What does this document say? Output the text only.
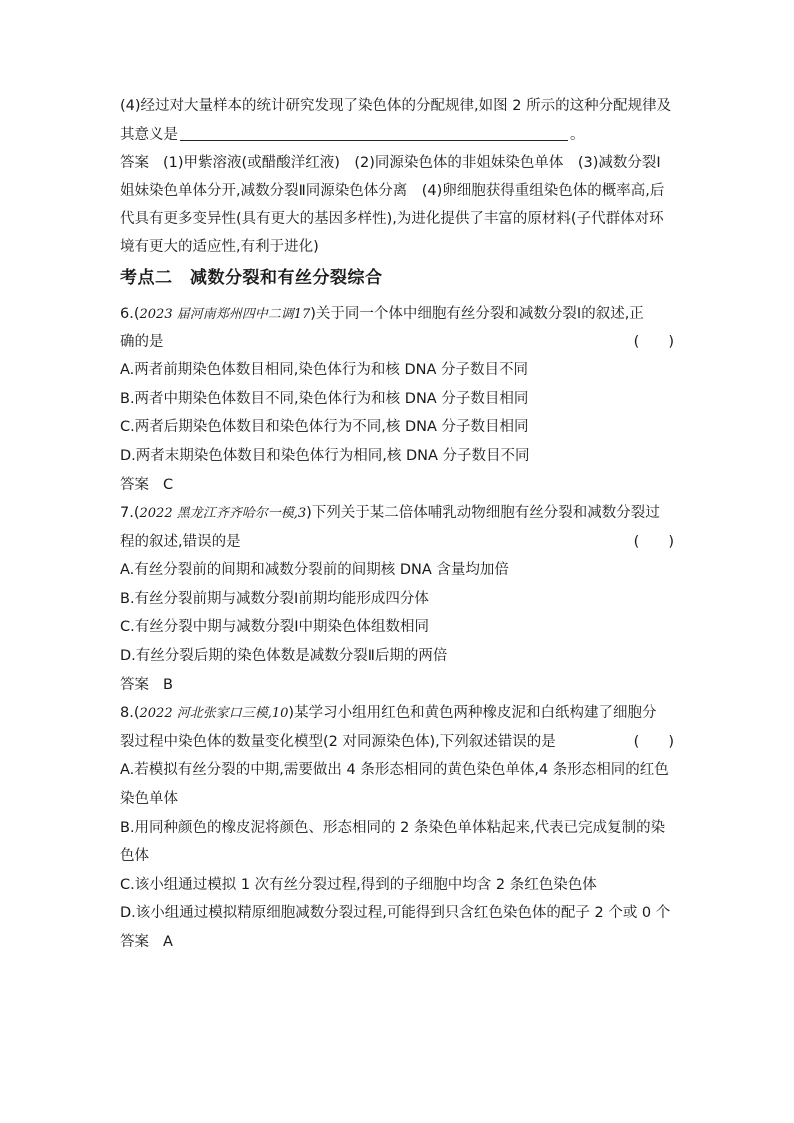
(4)经过对大量样本的统计研究发现了染色体的分配规律,如图 2 所示的这种分配规律及
其意义是	。
答案 (1)甲紫溶液(或醋酸洋红液)　(2)同源染色体的非姐妹染色单体　(3)减数分裂Ⅰ
姐妹染色单体分开,减数分裂Ⅱ同源染色体分离　(4)卵细胞获得重组染色体的概率高,后
代具有更多变异性(具有更大的基因多样性),为进化提供了丰富的原材料(子代群体对环
境有更大的适应性,有利于进化)
考点二　减数分裂和有丝分裂综合
6.(2023 届河南郑州四中二调17)关于同一个体中细胞有丝分裂和减数分裂Ⅰ的叙述,正
确的是	(　　)
A.两者前期染色体数目相同,染色体行为和核 DNA 分子数目不同
B.两者中期染色体数目不同,染色体行为和核 DNA 分子数目相同
C.两者后期染色体数目和染色体行为不同,核 DNA 分子数目相同
D.两者末期染色体数目和染色体行为相同,核 DNA 分子数目不同
答案 C
7.(2022 黑龙江齐齐哈尔一模,3)下列关于某二倍体哺乳动物细胞有丝分裂和减数分裂过
程的叙述,错误的是	(　　)
A.有丝分裂前的间期和减数分裂前的间期核 DNA 含量均加倍
B.有丝分裂前期与减数分裂Ⅰ前期均能形成四分体
C.有丝分裂中期与减数分裂Ⅰ中期染色体组数相同
D.有丝分裂后期的染色体数是减数分裂Ⅱ后期的两倍
答案 B
8.(2022 河北张家口三模,10)某学习小组用红色和黄色两种橡皮泥和白纸构建了细胞分
裂过程中染色体的数量变化模型(2 对同源染色体),下列叙述错误的是	(　　)
A.若模拟有丝分裂的中期,需要做出 4 条形态相同的黄色染色单体,4 条形态相同的红色
染色单体
B.用同种颜色的橡皮泥将颜色、形态相同的 2 条染色单体粘起来,代表已完成复制的染
色体
C.该小组通过模拟 1 次有丝分裂过程,得到的子细胞中均含 2 条红色染色体
D.该小组通过模拟精原细胞减数分裂过程,可能得到只含红色染色体的配子 2 个或 0 个
答案 A
